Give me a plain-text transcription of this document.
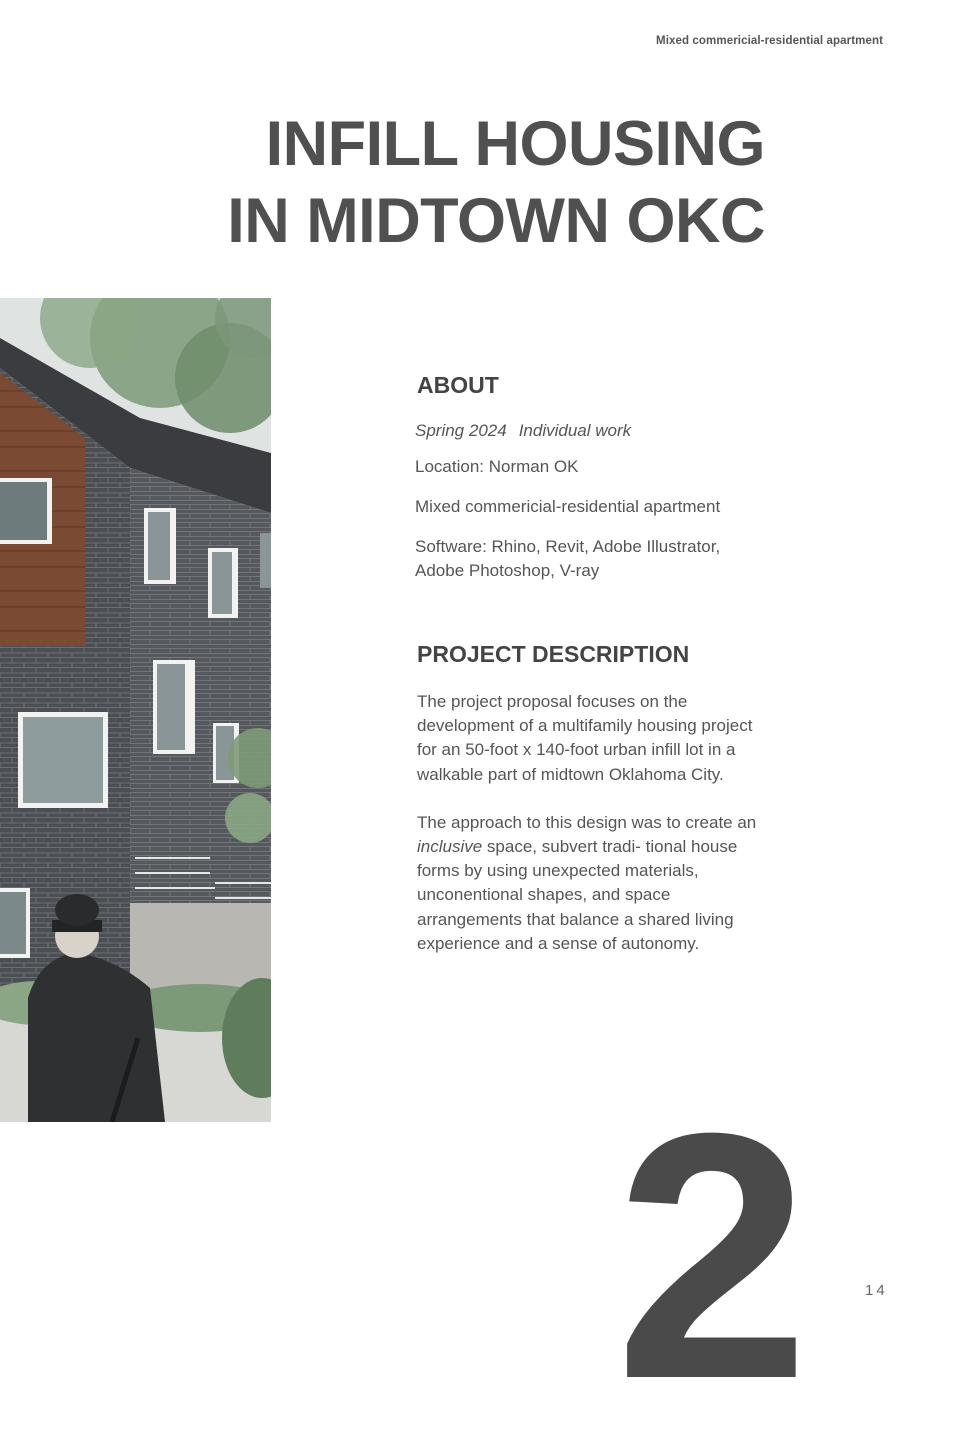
Mixed commericial-residential apartment
INFILL HOUSING
IN MIDTOWN OKC
ABOUT
Spring 2024 Individual work
Location: Norman OK
Mixed commericial-residential apartment
Software: Rhino, Revit, Adobe Illustrator,
Adobe Photoshop, V-ray
PROJECT DESCRIPTION
The project proposal focuses on the development of a multifamily housing project for an 50-foot x 140-foot urban infill lot in a walkable part of midtown Oklahoma City.
The approach to this design was to create an inclusive space, subvert tradi- tional house forms by using unexpected materials, unconentional shapes, and space arrangements that balance a shared living experience and a sense of autonomy.
2	14
